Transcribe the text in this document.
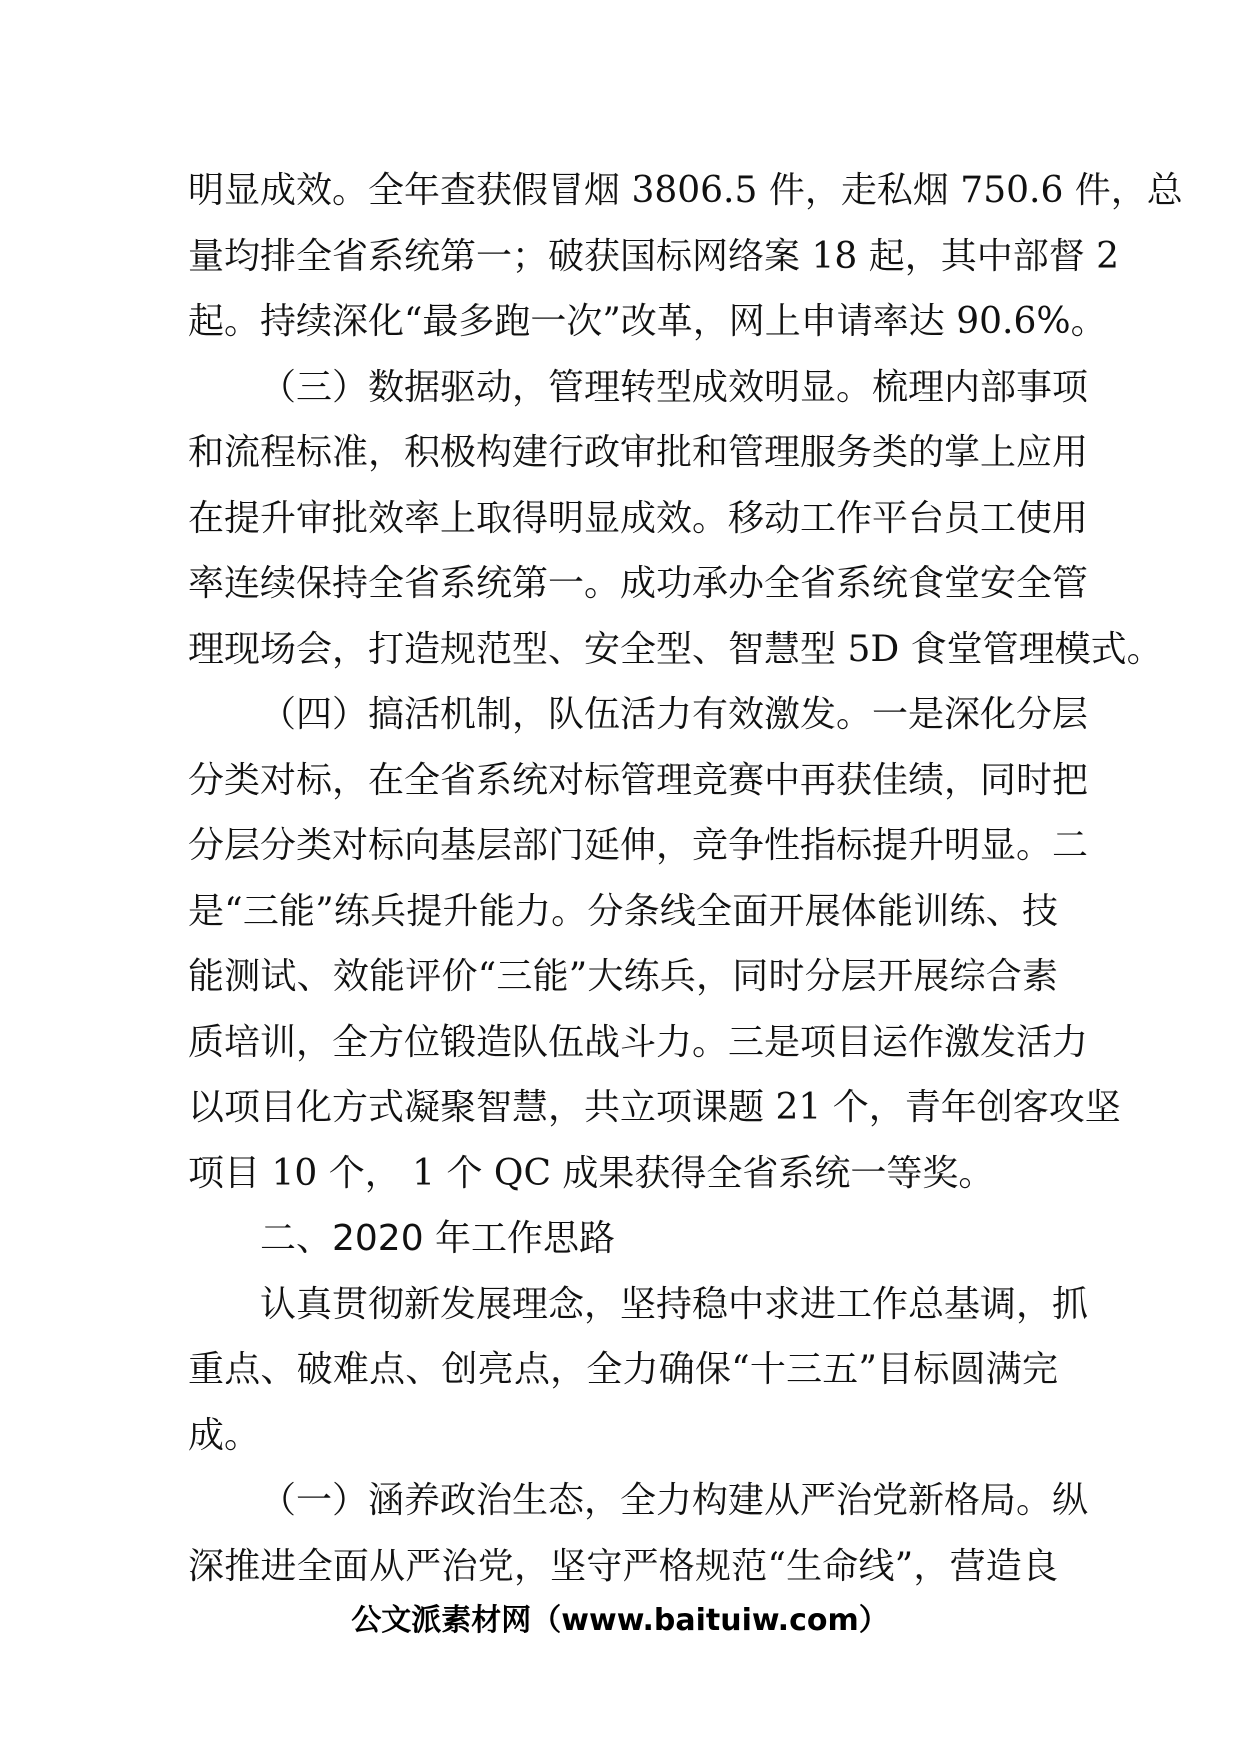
明显成效。全年查获假冒烟 3806.5 件，走私烟 750.6 件，总
量均排全省系统第一；破获国标网络案 18 起，其中部督 2
起。持续深化“最多跑一次”改革，网上申请率达 90.6%。
（三）数据驱动，管理转型成效明显。梳理内部事项
和流程标准，积极构建行政审批和管理服务类的掌上应用
在提升审批效率上取得明显成效。移动工作平台员工使用
率连续保持全省系统第一。成功承办全省系统食堂安全管
理现场会，打造规范型、安全型、智慧型 5D 食堂管理模式。
（四）搞活机制，队伍活力有效激发。一是深化分层
分类对标，在全省系统对标管理竞赛中再获佳绩，同时把
分层分类对标向基层部门延伸，竞争性指标提升明显。二
是“三能”练兵提升能力。分条线全面开展体能训练、技
能测试、效能评价“三能”大练兵，同时分层开展综合素
质培训，全方位锻造队伍战斗力。三是项目运作激发活力
以项目化方式凝聚智慧，共立项课题 21 个，青年创客攻坚
项目 10 个， 1 个 QC 成果获得全省系统一等奖。
二、2020 年工作思路
认真贯彻新发展理念，坚持稳中求进工作总基调，抓
重点、破难点、创亮点，全力确保“十三五”目标圆满完
成。
（一）涵养政治生态，全力构建从严治党新格局。纵
深推进全面从严治党，坚守严格规范“生命线”，营造良
公文派素材网（www.baituiw.com）
